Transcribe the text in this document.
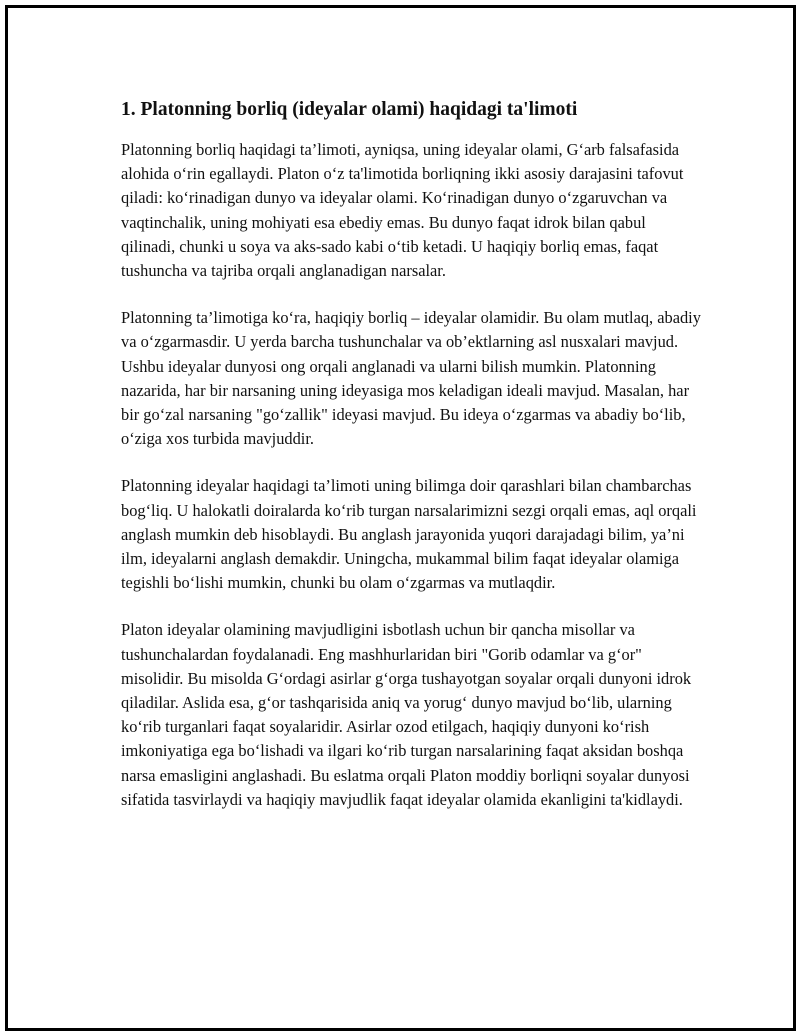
1. Platonning borliq (ideyalar olami) haqidagi ta'limoti

Platonning borliq haqidagi ta’limoti, ayniqsa, uning ideyalar olami, G‘arb falsafasida alohida o‘rin egallaydi. Platon o‘z ta'limotida borliqning ikki asosiy darajasini tafovut qiladi: ko‘rinadigan dunyo va ideyalar olami. Ko‘rinadigan dunyo o‘zgaruvchan va vaqtinchalik, uning mohiyati esa ebediy emas. Bu dunyo faqat idrok bilan qabul qilinadi, chunki u soya va aks-sado kabi o‘tib ketadi. U haqiqiy borliq emas, faqat tushuncha va tajriba orqali anglanadigan narsalar.

Platonning ta’limotiga ko‘ra, haqiqiy borliq – ideyalar olamidir. Bu olam mutlaq, abadiy va o‘zgarmasdir. U yerda barcha tushunchalar va ob’ektlarning asl nusxalari mavjud. Ushbu ideyalar dunyosi ong orqali anglanadi va ularni bilish mumkin. Platonning nazarida, har bir narsaning uning ideyasiga mos keladigan ideali mavjud. Masalan, har bir go‘zal narsaning "go‘zallik" ideyasi mavjud. Bu ideya o‘zgarmas va abadiy bo‘lib, o‘ziga xos turbida mavjuddir.

Platonning ideyalar haqidagi ta’limoti uning bilimga doir qarashlari bilan chambarchas bog‘liq. U halokatli doiralarda ko‘rib turgan narsalarimizni sezgi orqali emas, aql orqali anglash mumkin deb hisoblaydi. Bu anglash jarayonida yuqori darajadagi bilim, ya’ni ilm, ideyalarni anglash demakdir. Uningcha, mukammal bilim faqat ideyalar olamiga tegishli bo‘lishi mumkin, chunki bu olam o‘zgarmas va mutlaqdir.

Platon ideyalar olamining mavjudligini isbotlash uchun bir qancha misollar va tushunchalardan foydalanadi. Eng mashhurlaridan biri "Gorib odamlar va g‘or" misolidir. Bu misolda G‘ordagi asirlar g‘orga tushayotgan soyalar orqali dunyoni idrok qiladilar. Aslida esa, g‘or tashqarisida aniq va yorug‘ dunyo mavjud bo‘lib, ularning ko‘rib turganlari faqat soyalaridir. Asirlar ozod etilgach, haqiqiy dunyoni ko‘rish imkoniyatiga ega bo‘lishadi va ilgari ko‘rib turgan narsalarining faqat aksidan boshqa narsa emasligini anglashadi. Bu eslatma orqali Platon moddiy borliqni soyalar dunyosi sifatida tasvirlaydi va haqiqiy mavjudlik faqat ideyalar olamida ekanligini ta'kidlaydi.
